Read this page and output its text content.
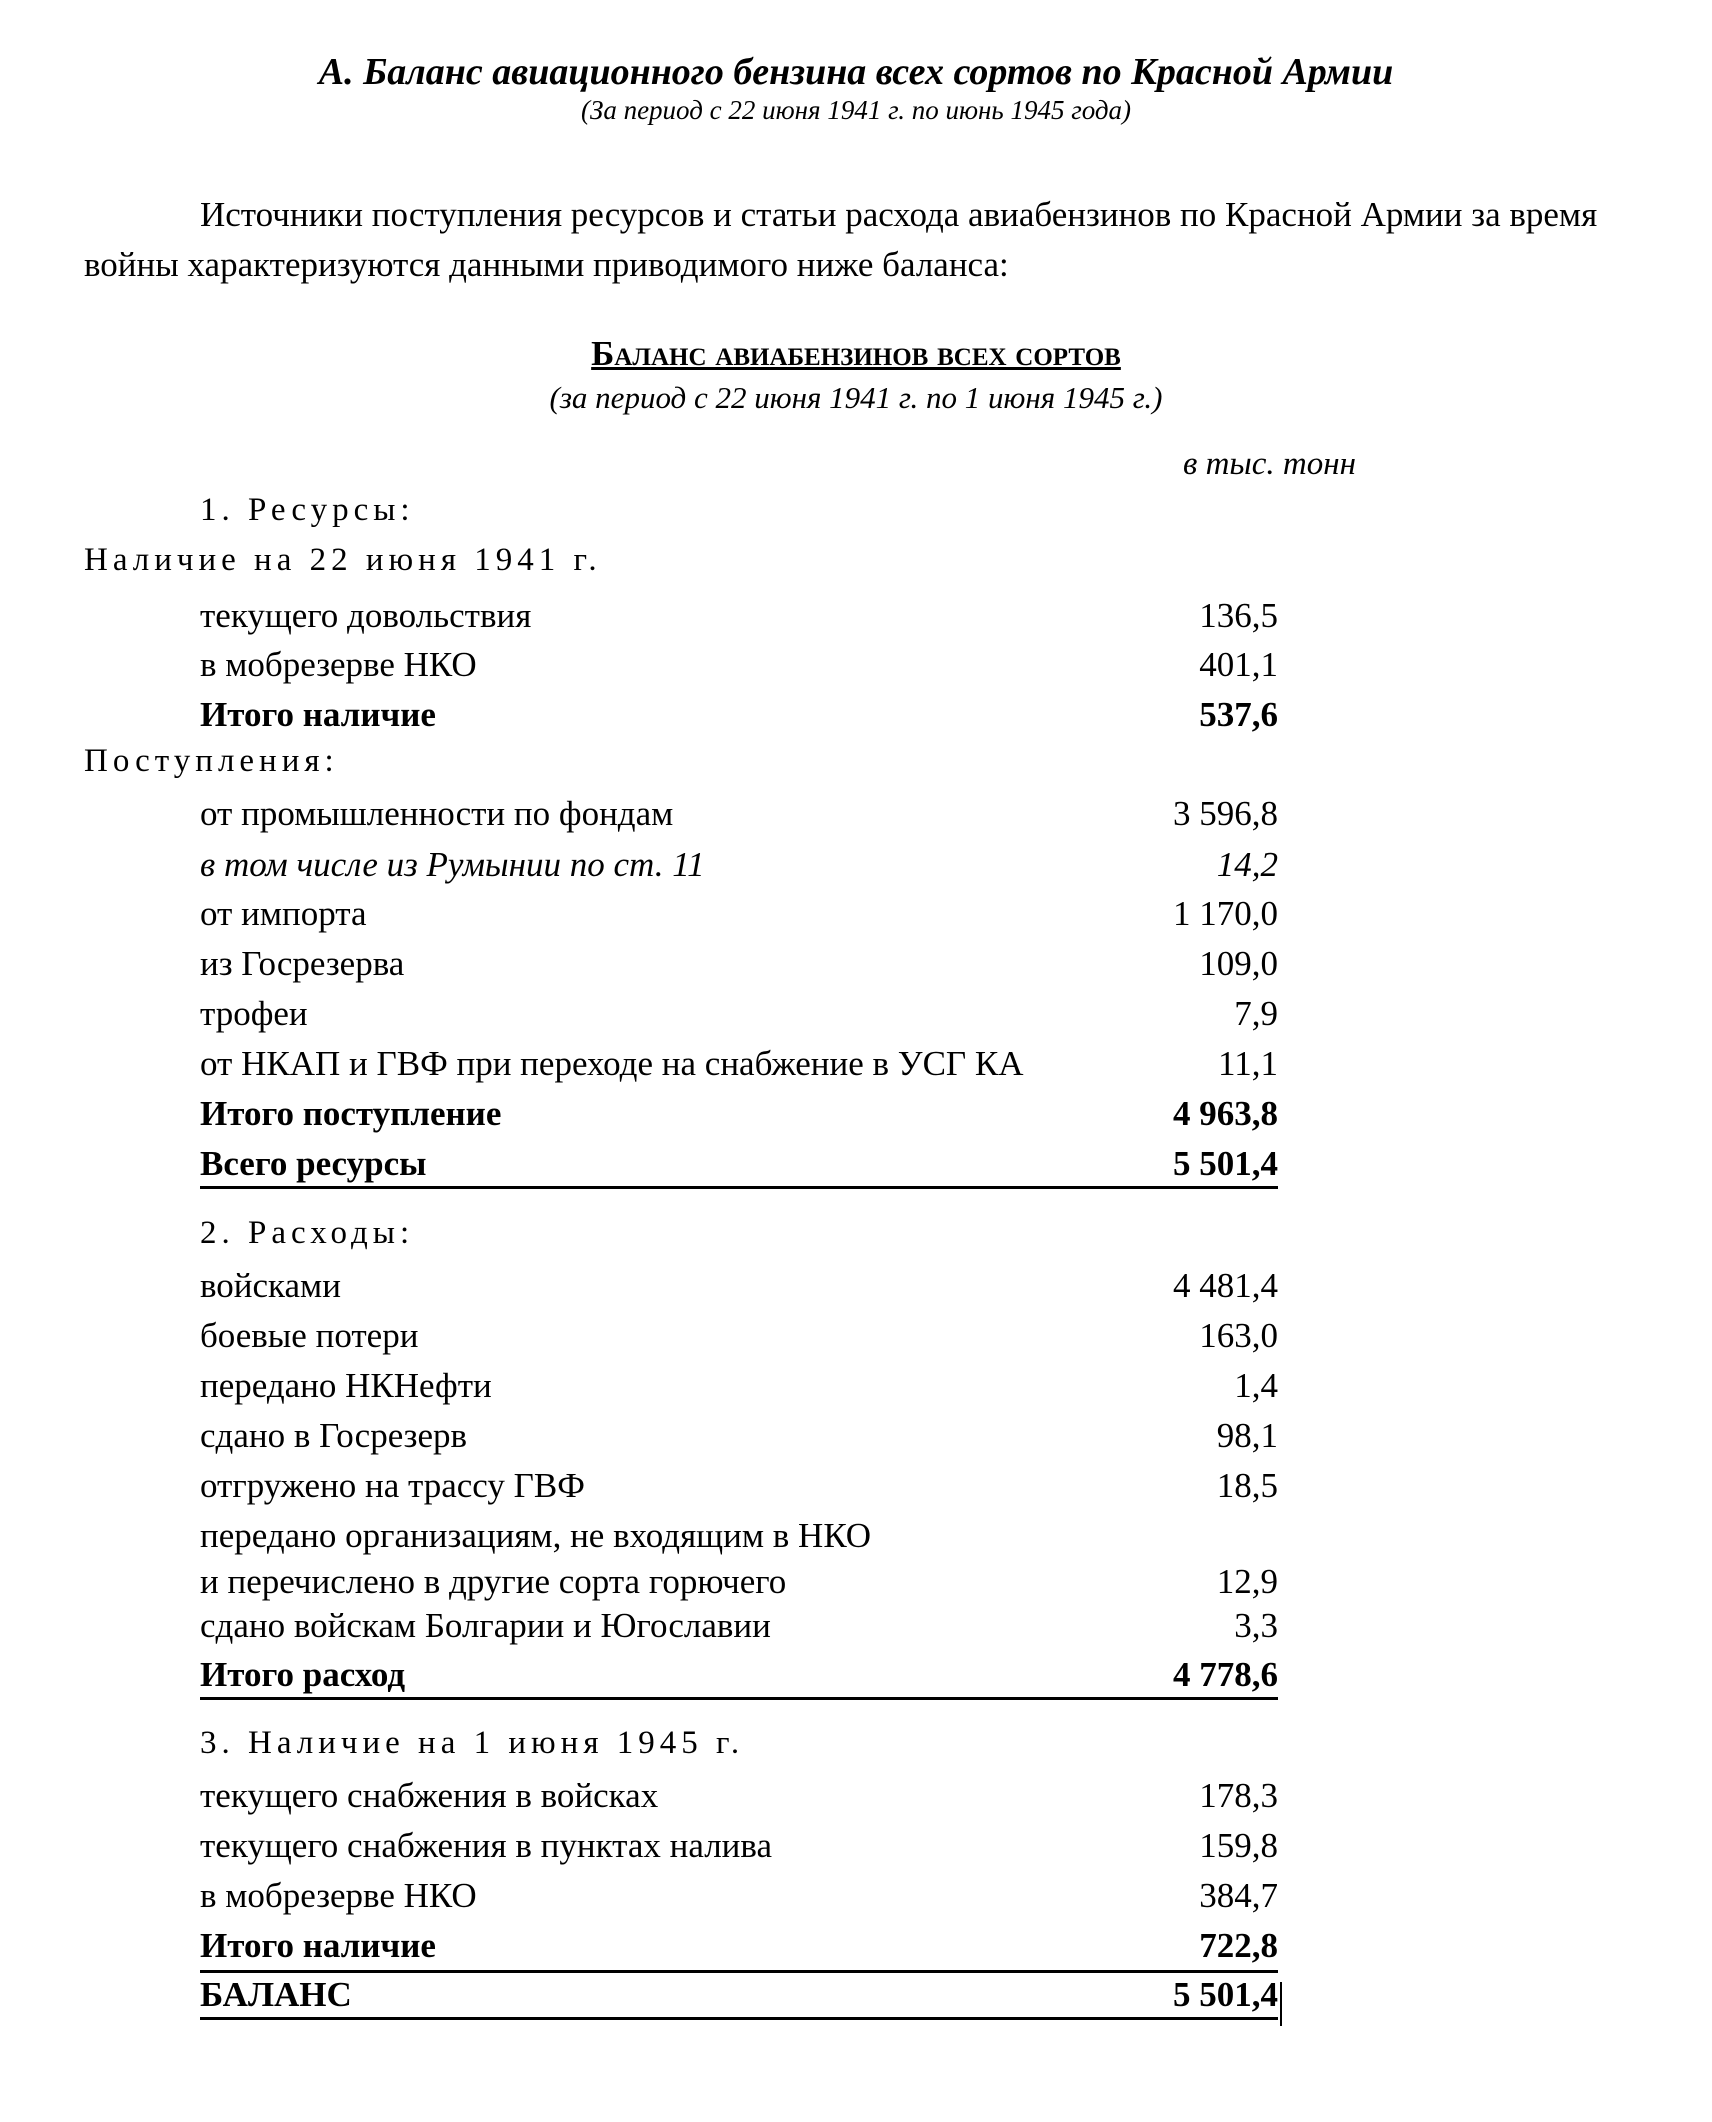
А. Баланс авиационного бензина всех сортов по Красной Армии
(За период с 22 июня 1941 г. по июнь 1945 года)
Источники поступления ресурсов и статьи расхода авиабензинов по Красной Армии за время войны характеризуются данными приводимого ниже баланса:
Баланс авиабензинов всех сортов
(за период с 22 июня 1941 г. по 1 июня 1945 г.)
в тыс. тонн
1. Ресурсы:
Наличие на 22 июня 1941 г.
текущего довольствия	136,5
в мобрезерве НКО	401,1
Итого наличие	537,6
Поступления:
от промышленности по фондам	3 596,8
в том числе из Румынии по ст. 11	14,2
от импорта	1 170,0
из Госрезерва	109,0
трофеи	7,9
от НКАП и ГВФ при переходе на снабжение в УСГ КА	11,1
Итого поступление	4 963,8
Всего ресурсы	5 501,4
2. Расходы:
войсками	4 481,4
боевые потери	163,0
передано НКНефти	1,4
сдано в Госрезерв	98,1
отгружено на трассу ГВФ	18,5
передано организациям, не входящим в НКО
и перечислено в другие сорта горючего	12,9
сдано войскам Болгарии и Югославии	3,3
Итого расход	4 778,6
3. Наличие на 1 июня 1945 г.
текущего снабжения в войсках	178,3
текущего снабжения в пунктах налива	159,8
в мобрезерве НКО	384,7
Итого наличие	722,8
БАЛАНС	5 501,4
